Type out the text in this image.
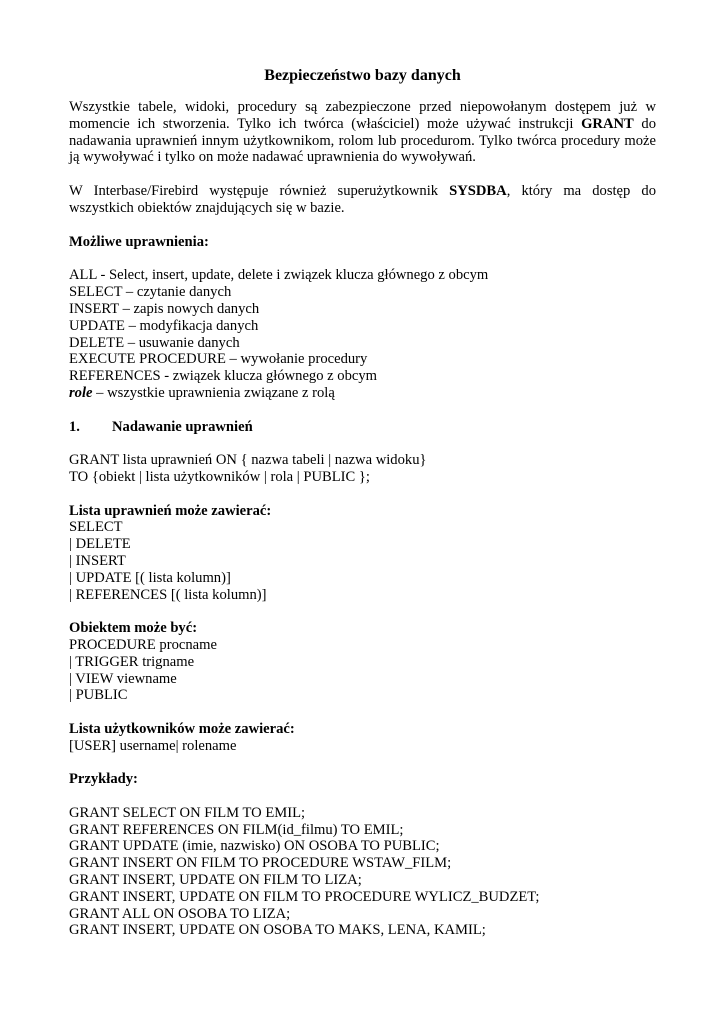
Bezpieczeństwo bazy danych

Wszystkie tabele, widoki, procedury są zabezpieczone przed niepowołanym dostępem już w momencie ich stworzenia. Tylko ich twórca (właściciel) może używać instrukcji GRANT do nadawania uprawnień innym użytkownikom, rolom lub procedurom. Tylko twórca procedury może ją wywoływać i tylko on może nadawać uprawnienia do wywoływań.

W Interbase/Firebird występuje również superużytkownik SYSDBA, który ma dostęp do wszystkich obiektów znajdujących się w bazie.

Możliwe uprawnienia:

ALL - Select, insert, update, delete i związek klucza głównego z obcym

SELECT – czytanie danych

INSERT – zapis nowych danych

UPDATE – modyfikacja danych

DELETE – usuwanie danych

EXECUTE PROCEDURE – wywołanie procedury

REFERENCES - związek klucza głównego z obcym

role – wszystkie uprawnienia związane z rolą

1. Nadawanie uprawnień

GRANT lista uprawnień ON { nazwa tabeli | nazwa widoku}

TO {obiekt | lista użytkowników | rola | PUBLIC };

Lista uprawnień może zawierać:

SELECT

| DELETE

| INSERT

| UPDATE [( lista kolumn)]

| REFERENCES [( lista kolumn)]

Obiektem może być:

PROCEDURE procname

| TRIGGER trigname

| VIEW viewname

| PUBLIC

Lista użytkowników może zawierać:

[USER] username| rolename

Przykłady:

GRANT SELECT ON FILM TO EMIL;

GRANT REFERENCES ON FILM(id_filmu) TO EMIL;

GRANT UPDATE (imie, nazwisko) ON OSOBA TO PUBLIC;

GRANT INSERT ON FILM TO PROCEDURE WSTAW_FILM;

GRANT INSERT, UPDATE ON FILM TO LIZA;

GRANT INSERT, UPDATE ON FILM TO PROCEDURE WYLICZ_BUDZET;

GRANT ALL ON OSOBA TO LIZA;

GRANT INSERT, UPDATE ON OSOBA TO MAKS, LENA, KAMIL;
